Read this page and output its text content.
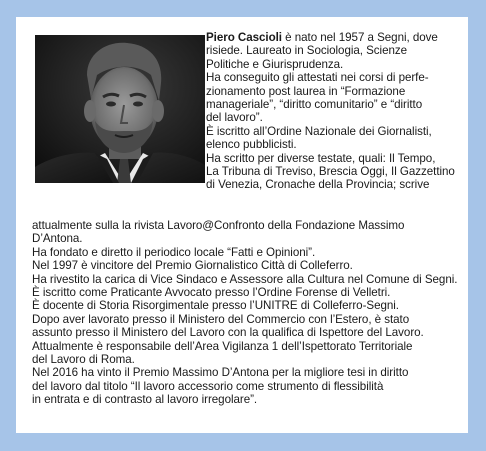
Piero Cascioli è nato nel 1957 a Segni, dove
risiede. Laureato in Sociologia, Scienze
Politiche e Giurisprudenza.
Ha conseguito gli attestati nei corsi di perfe-
zionamento post laurea in “Formazione
manageriale”, “diritto comunitario” e “diritto
del lavoro”.
È iscritto all’Ordine Nazionale dei Giornalisti,
elenco pubblicisti.
Ha scritto per diverse testate, quali: Il Tempo,
La Tribuna di Treviso, Brescia Oggi, Il Gazzettino
di Venezia, Cronache della Provincia; scrive
attualmente sulla la rivista Lavoro@Confronto della Fondazione Massimo
D’Antona.
Ha fondato e diretto il periodico locale “Fatti e Opinioni”.
Nel 1997 è vincitore del Premio Giornalistico Città di Colleferro.
Ha rivestito la carica di Vice Sindaco e Assessore alla Cultura nel Comune di Segni.
È iscritto come Praticante Avvocato presso l’Ordine Forense di Velletri.
È docente di Storia Risorgimentale presso l’UNITRE di Colleferro-Segni.
Dopo aver lavorato presso il Ministero del Commercio con l’Estero, è stato
assunto presso il Ministero del Lavoro con la qualifica di Ispettore del Lavoro.
Attualmente è responsabile dell’Area Vigilanza 1 dell’Ispettorato Territoriale
del Lavoro di Roma.
Nel 2016 ha vinto il Premio Massimo D’Antona per la migliore tesi in diritto
del lavoro dal titolo “Il lavoro accessorio come strumento di flessibilità
in entrata e di contrasto al lavoro irregolare”.
